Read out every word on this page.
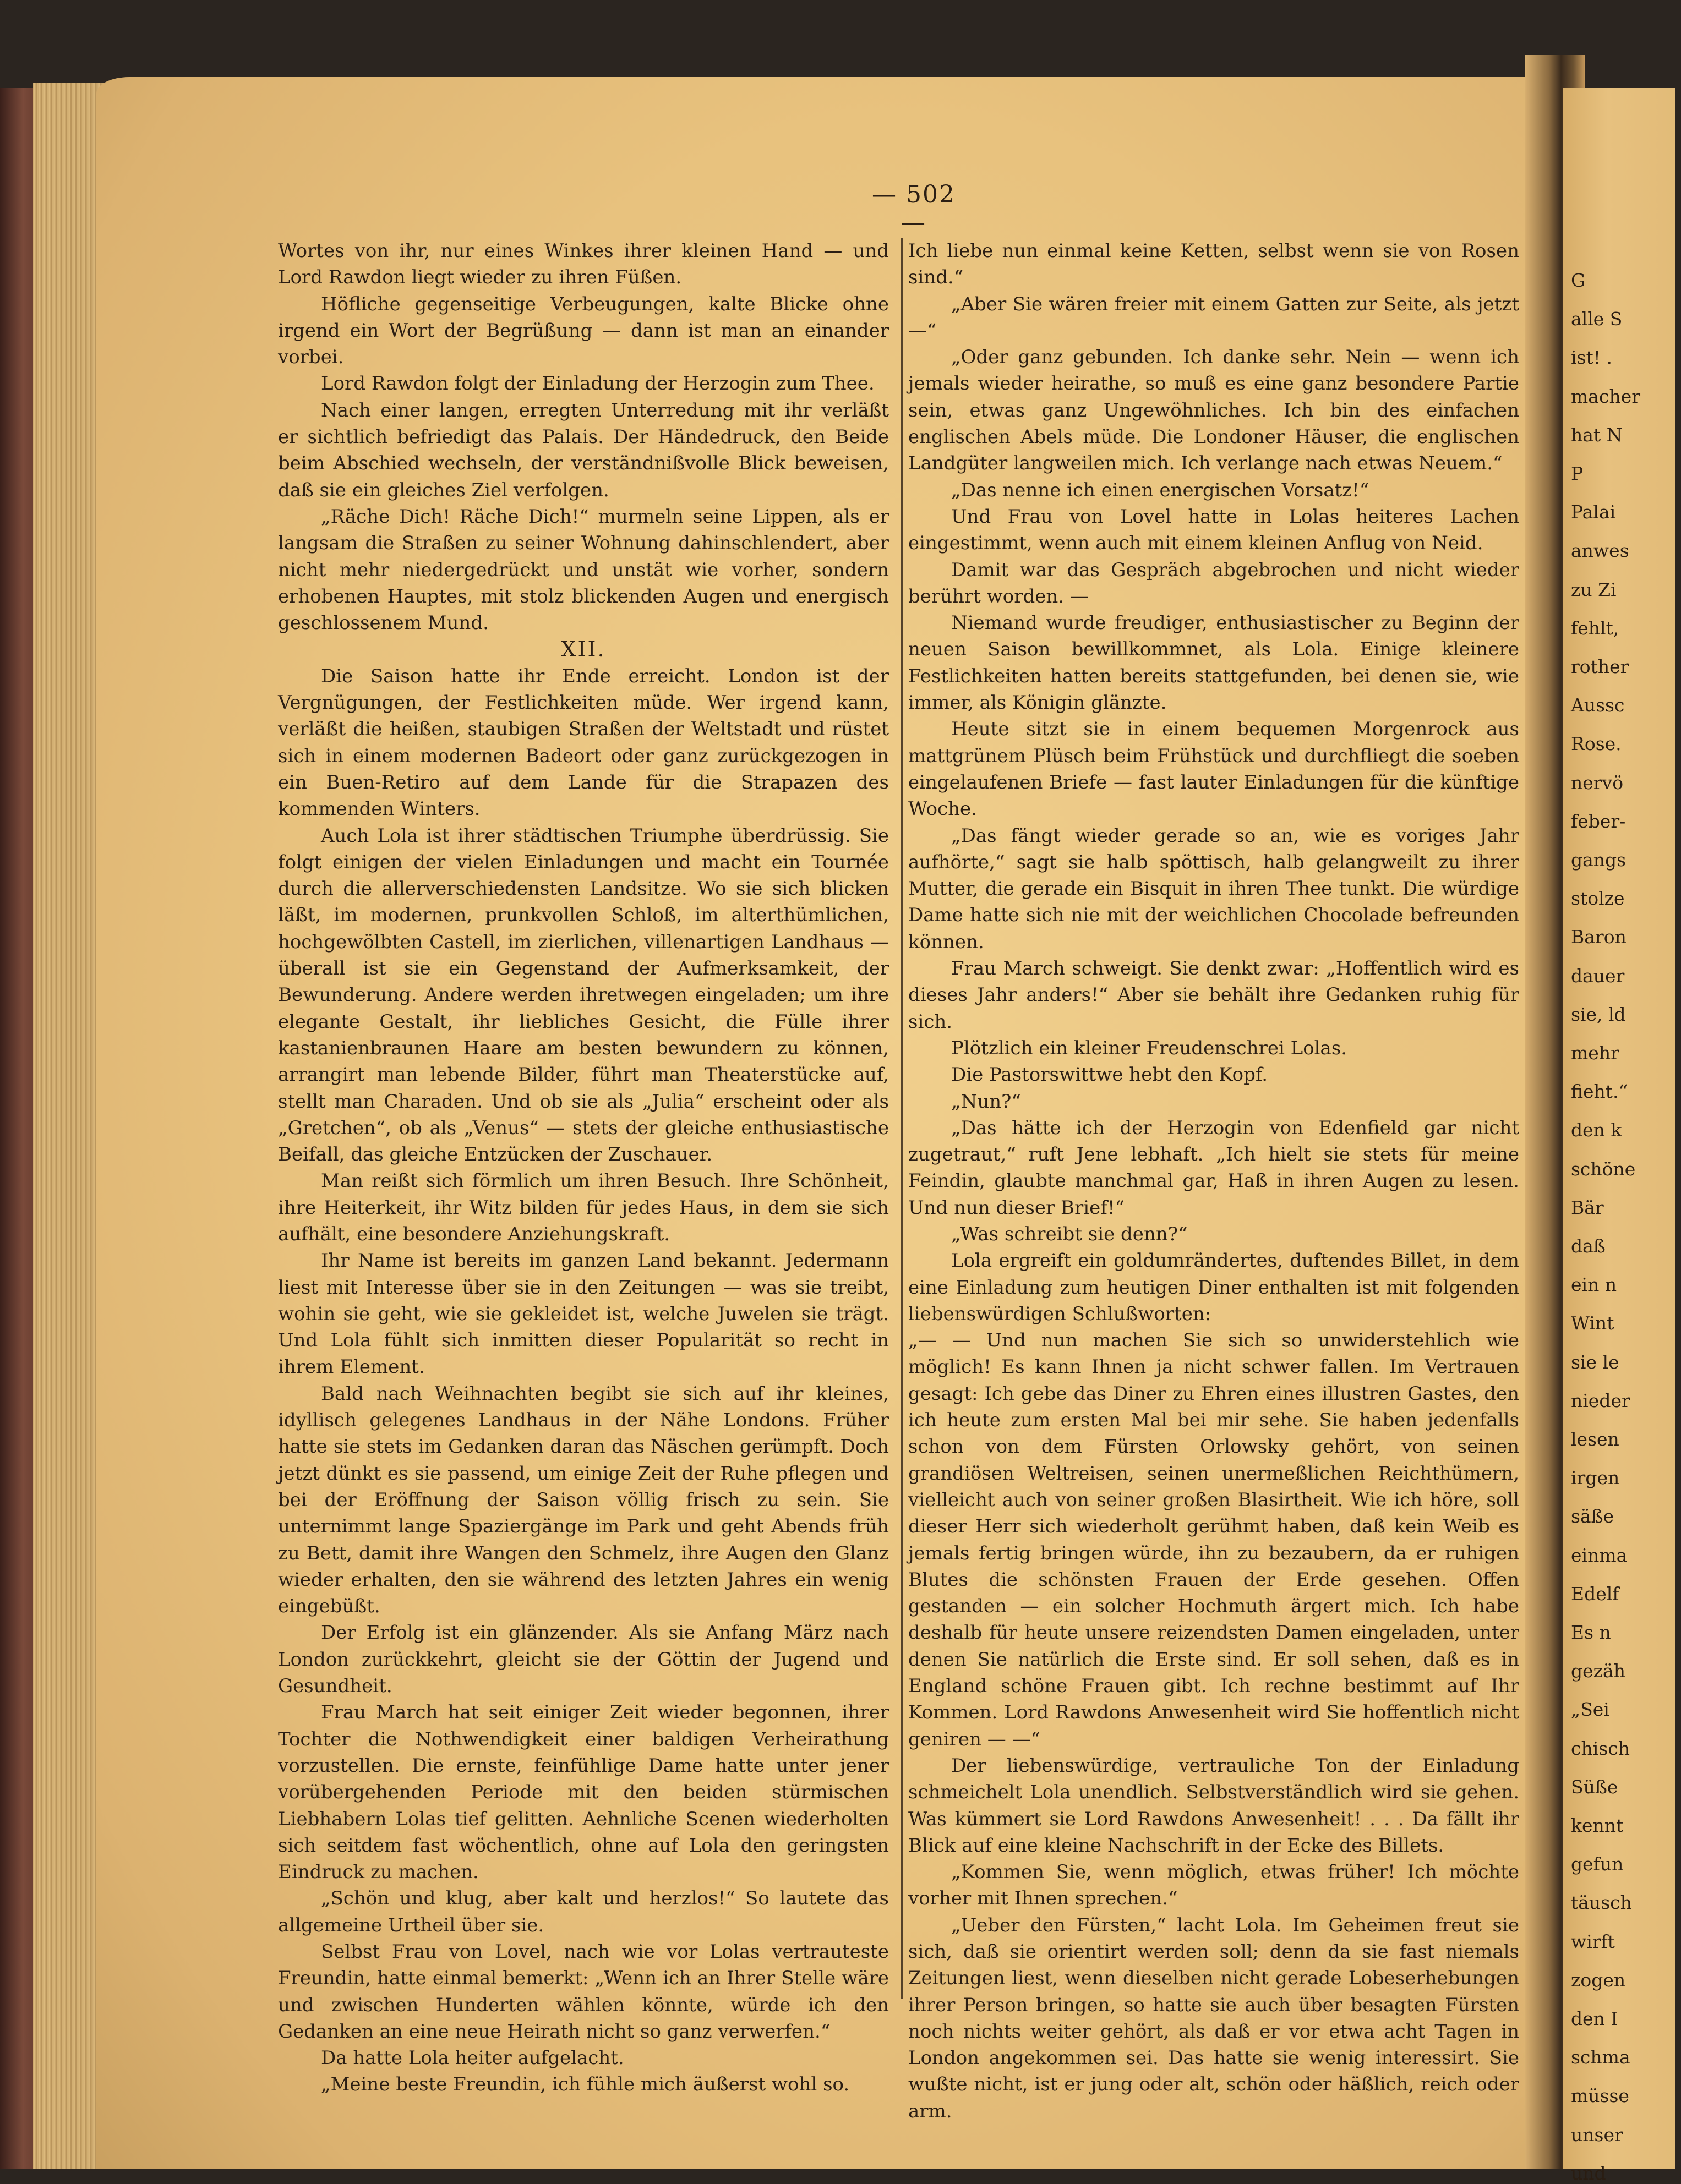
G
alle S
ist! .
macher
hat N
P
Palai
anwes
zu Zi
fehlt,
rother
Aussc
Rose.
nervö
feber-
gangs
stolze
Baron
dauer
sie, ld
mehr
fieht.“
den k
schöne
Bär
daß
ein n
Wint
sie le
nieder
lesen
irgen
säße
einma
Edelf
Es n
gezäh
„Sei
chisch
Süße
kennt
gefun
täusch
wirft
zogen
den I
schma
müsse
unser
und
— 502 —

Wortes von ihr, nur eines Winkes ihrer kleinen Hand — und Lord Rawdon liegt wieder zu ihren Füßen.

Höfliche gegenseitige Verbeugungen, kalte Blicke ohne irgend ein Wort der Begrüßung — dann ist man an einander vorbei.

Lord Rawdon folgt der Einladung der Herzogin zum Thee.

Nach einer langen, erregten Unterredung mit ihr verläßt er sichtlich befriedigt das Palais. Der Händedruck, den Beide beim Abschied wechseln, der verständnißvolle Blick beweisen, daß sie ein gleiches Ziel verfolgen.

„Räche Dich! Räche Dich!“ murmeln seine Lippen, als er langsam die Straßen zu seiner Wohnung dahinschlendert, aber nicht mehr niedergedrückt und unstät wie vorher, sondern erhobenen Hauptes, mit stolz blickenden Augen und energisch geschlossenem Mund.

XII.

Die Saison hatte ihr Ende erreicht. London ist der Vergnügungen, der Festlichkeiten müde. Wer irgend kann, verläßt die heißen, staubigen Straßen der Weltstadt und rüstet sich in einem modernen Badeort oder ganz zurückgezogen in ein Buen-Retiro auf dem Lande für die Strapazen des kommenden Winters.

Auch Lola ist ihrer städtischen Triumphe überdrüssig. Sie folgt einigen der vielen Einladungen und macht ein Tournée durch die allerverschiedensten Landsitze. Wo sie sich blicken läßt, im modernen, prunkvollen Schloß, im alterthümlichen, hochgewölbten Castell, im zierlichen, villenartigen Landhaus — überall ist sie ein Gegenstand der Aufmerksamkeit, der Bewunderung. Andere werden ihretwegen eingeladen; um ihre elegante Gestalt, ihr liebliches Gesicht, die Fülle ihrer kastanienbraunen Haare am besten bewundern zu können, arrangirt man lebende Bilder, führt man Theaterstücke auf, stellt man Charaden. Und ob sie als „Julia“ erscheint oder als „Gretchen“, ob als „Venus“ — stets der gleiche enthusiastische Beifall, das gleiche Entzücken der Zuschauer.

Man reißt sich förmlich um ihren Besuch. Ihre Schönheit, ihre Heiterkeit, ihr Witz bilden für jedes Haus, in dem sie sich aufhält, eine besondere Anziehungskraft.

Ihr Name ist bereits im ganzen Land bekannt. Jedermann liest mit Interesse über sie in den Zeitungen — was sie treibt, wohin sie geht, wie sie gekleidet ist, welche Juwelen sie trägt. Und Lola fühlt sich inmitten dieser Popularität so recht in ihrem Element.

Bald nach Weihnachten begibt sie sich auf ihr kleines, idyllisch gelegenes Landhaus in der Nähe Londons. Früher hatte sie stets im Gedanken daran das Näschen gerümpft. Doch jetzt dünkt es sie passend, um einige Zeit der Ruhe pflegen und bei der Eröffnung der Saison völlig frisch zu sein. Sie unternimmt lange Spaziergänge im Park und geht Abends früh zu Bett, damit ihre Wangen den Schmelz, ihre Augen den Glanz wieder erhalten, den sie während des letzten Jahres ein wenig eingebüßt.

Der Erfolg ist ein glänzender. Als sie Anfang März nach London zurückkehrt, gleicht sie der Göttin der Jugend und Gesundheit.

Frau March hat seit einiger Zeit wieder begonnen, ihrer Tochter die Nothwendigkeit einer baldigen Verheirathung vorzustellen. Die ernste, feinfühlige Dame hatte unter jener vorübergehenden Periode mit den beiden stürmischen Liebhabern Lolas tief gelitten. Aehnliche Scenen wiederholten sich seitdem fast wöchentlich, ohne auf Lola den geringsten Eindruck zu machen.

„Schön und klug, aber kalt und herzlos!“ So lautete das allgemeine Urtheil über sie.

Selbst Frau von Lovel, nach wie vor Lolas vertrauteste Freundin, hatte einmal bemerkt: „Wenn ich an Ihrer Stelle wäre und zwischen Hunderten wählen könnte, würde ich den Gedanken an eine neue Heirath nicht so ganz verwerfen.“

Da hatte Lola heiter aufgelacht.

„Meine beste Freundin, ich fühle mich äußerst wohl so.

Ich liebe nun einmal keine Ketten, selbst wenn sie von Rosen sind.“

„Aber Sie wären freier mit einem Gatten zur Seite, als jetzt —“

„Oder ganz gebunden. Ich danke sehr. Nein — wenn ich jemals wieder heirathe, so muß es eine ganz besondere Partie sein, etwas ganz Ungewöhnliches. Ich bin des einfachen englischen Abels müde. Die Londoner Häuser, die englischen Landgüter langweilen mich. Ich verlange nach etwas Neuem.“

„Das nenne ich einen energischen Vorsatz!“

Und Frau von Lovel hatte in Lolas heiteres Lachen eingestimmt, wenn auch mit einem kleinen Anflug von Neid.

Damit war das Gespräch abgebrochen und nicht wieder berührt worden. —

Niemand wurde freudiger, enthusiastischer zu Beginn der neuen Saison bewillkommnet, als Lola. Einige kleinere Festlichkeiten hatten bereits stattgefunden, bei denen sie, wie immer, als Königin glänzte.

Heute sitzt sie in einem bequemen Morgenrock aus mattgrünem Plüsch beim Frühstück und durchfliegt die soeben eingelaufenen Briefe — fast lauter Einladungen für die künftige Woche.

„Das fängt wieder gerade so an, wie es voriges Jahr aufhörte,“ sagt sie halb spöttisch, halb gelangweilt zu ihrer Mutter, die gerade ein Bisquit in ihren Thee tunkt. Die würdige Dame hatte sich nie mit der weichlichen Chocolade befreunden können.

Frau March schweigt. Sie denkt zwar: „Hoffentlich wird es dieses Jahr anders!“ Aber sie behält ihre Gedanken ruhig für sich.

Plötzlich ein kleiner Freudenschrei Lolas.

Die Pastorswittwe hebt den Kopf.

„Nun?“

„Das hätte ich der Herzogin von Edenfield gar nicht zugetraut,“ ruft Jene lebhaft. „Ich hielt sie stets für meine Feindin, glaubte manchmal gar, Haß in ihren Augen zu lesen. Und nun dieser Brief!“

„Was schreibt sie denn?“

Lola ergreift ein goldumrändertes, duftendes Billet, in dem eine Einladung zum heutigen Diner enthalten ist mit folgenden liebenswürdigen Schlußworten:

„— — Und nun machen Sie sich so unwiderstehlich wie möglich! Es kann Ihnen ja nicht schwer fallen. Im Vertrauen gesagt: Ich gebe das Diner zu Ehren eines illustren Gastes, den ich heute zum ersten Mal bei mir sehe. Sie haben jedenfalls schon von dem Fürsten Orlowsky gehört, von seinen grandiösen Weltreisen, seinen unermeßlichen Reichthümern, vielleicht auch von seiner großen Blasirtheit. Wie ich höre, soll dieser Herr sich wiederholt gerühmt haben, daß kein Weib es jemals fertig bringen würde, ihn zu bezaubern, da er ruhigen Blutes die schönsten Frauen der Erde gesehen. Offen gestanden — ein solcher Hochmuth ärgert mich. Ich habe deshalb für heute unsere reizendsten Damen eingeladen, unter denen Sie natürlich die Erste sind. Er soll sehen, daß es in England schöne Frauen gibt. Ich rechne bestimmt auf Ihr Kommen. Lord Rawdons Anwesenheit wird Sie hoffentlich nicht geniren — —“

Der liebenswürdige, vertrauliche Ton der Einladung schmeichelt Lola unendlich. Selbstverständlich wird sie gehen. Was kümmert sie Lord Rawdons Anwesenheit! . . . Da fällt ihr Blick auf eine kleine Nachschrift in der Ecke des Billets.

„Kommen Sie, wenn möglich, etwas früher! Ich möchte vorher mit Ihnen sprechen.“

„Ueber den Fürsten,“ lacht Lola. Im Geheimen freut sie sich, daß sie orientirt werden soll; denn da sie fast niemals Zeitungen liest, wenn dieselben nicht gerade Lobeserhebungen ihrer Person bringen, so hatte sie auch über besagten Fürsten noch nichts weiter gehört, als daß er vor etwa acht Tagen in London angekommen sei. Das hatte sie wenig interessirt. Sie wußte nicht, ist er jung oder alt, schön oder häßlich, reich oder arm.
